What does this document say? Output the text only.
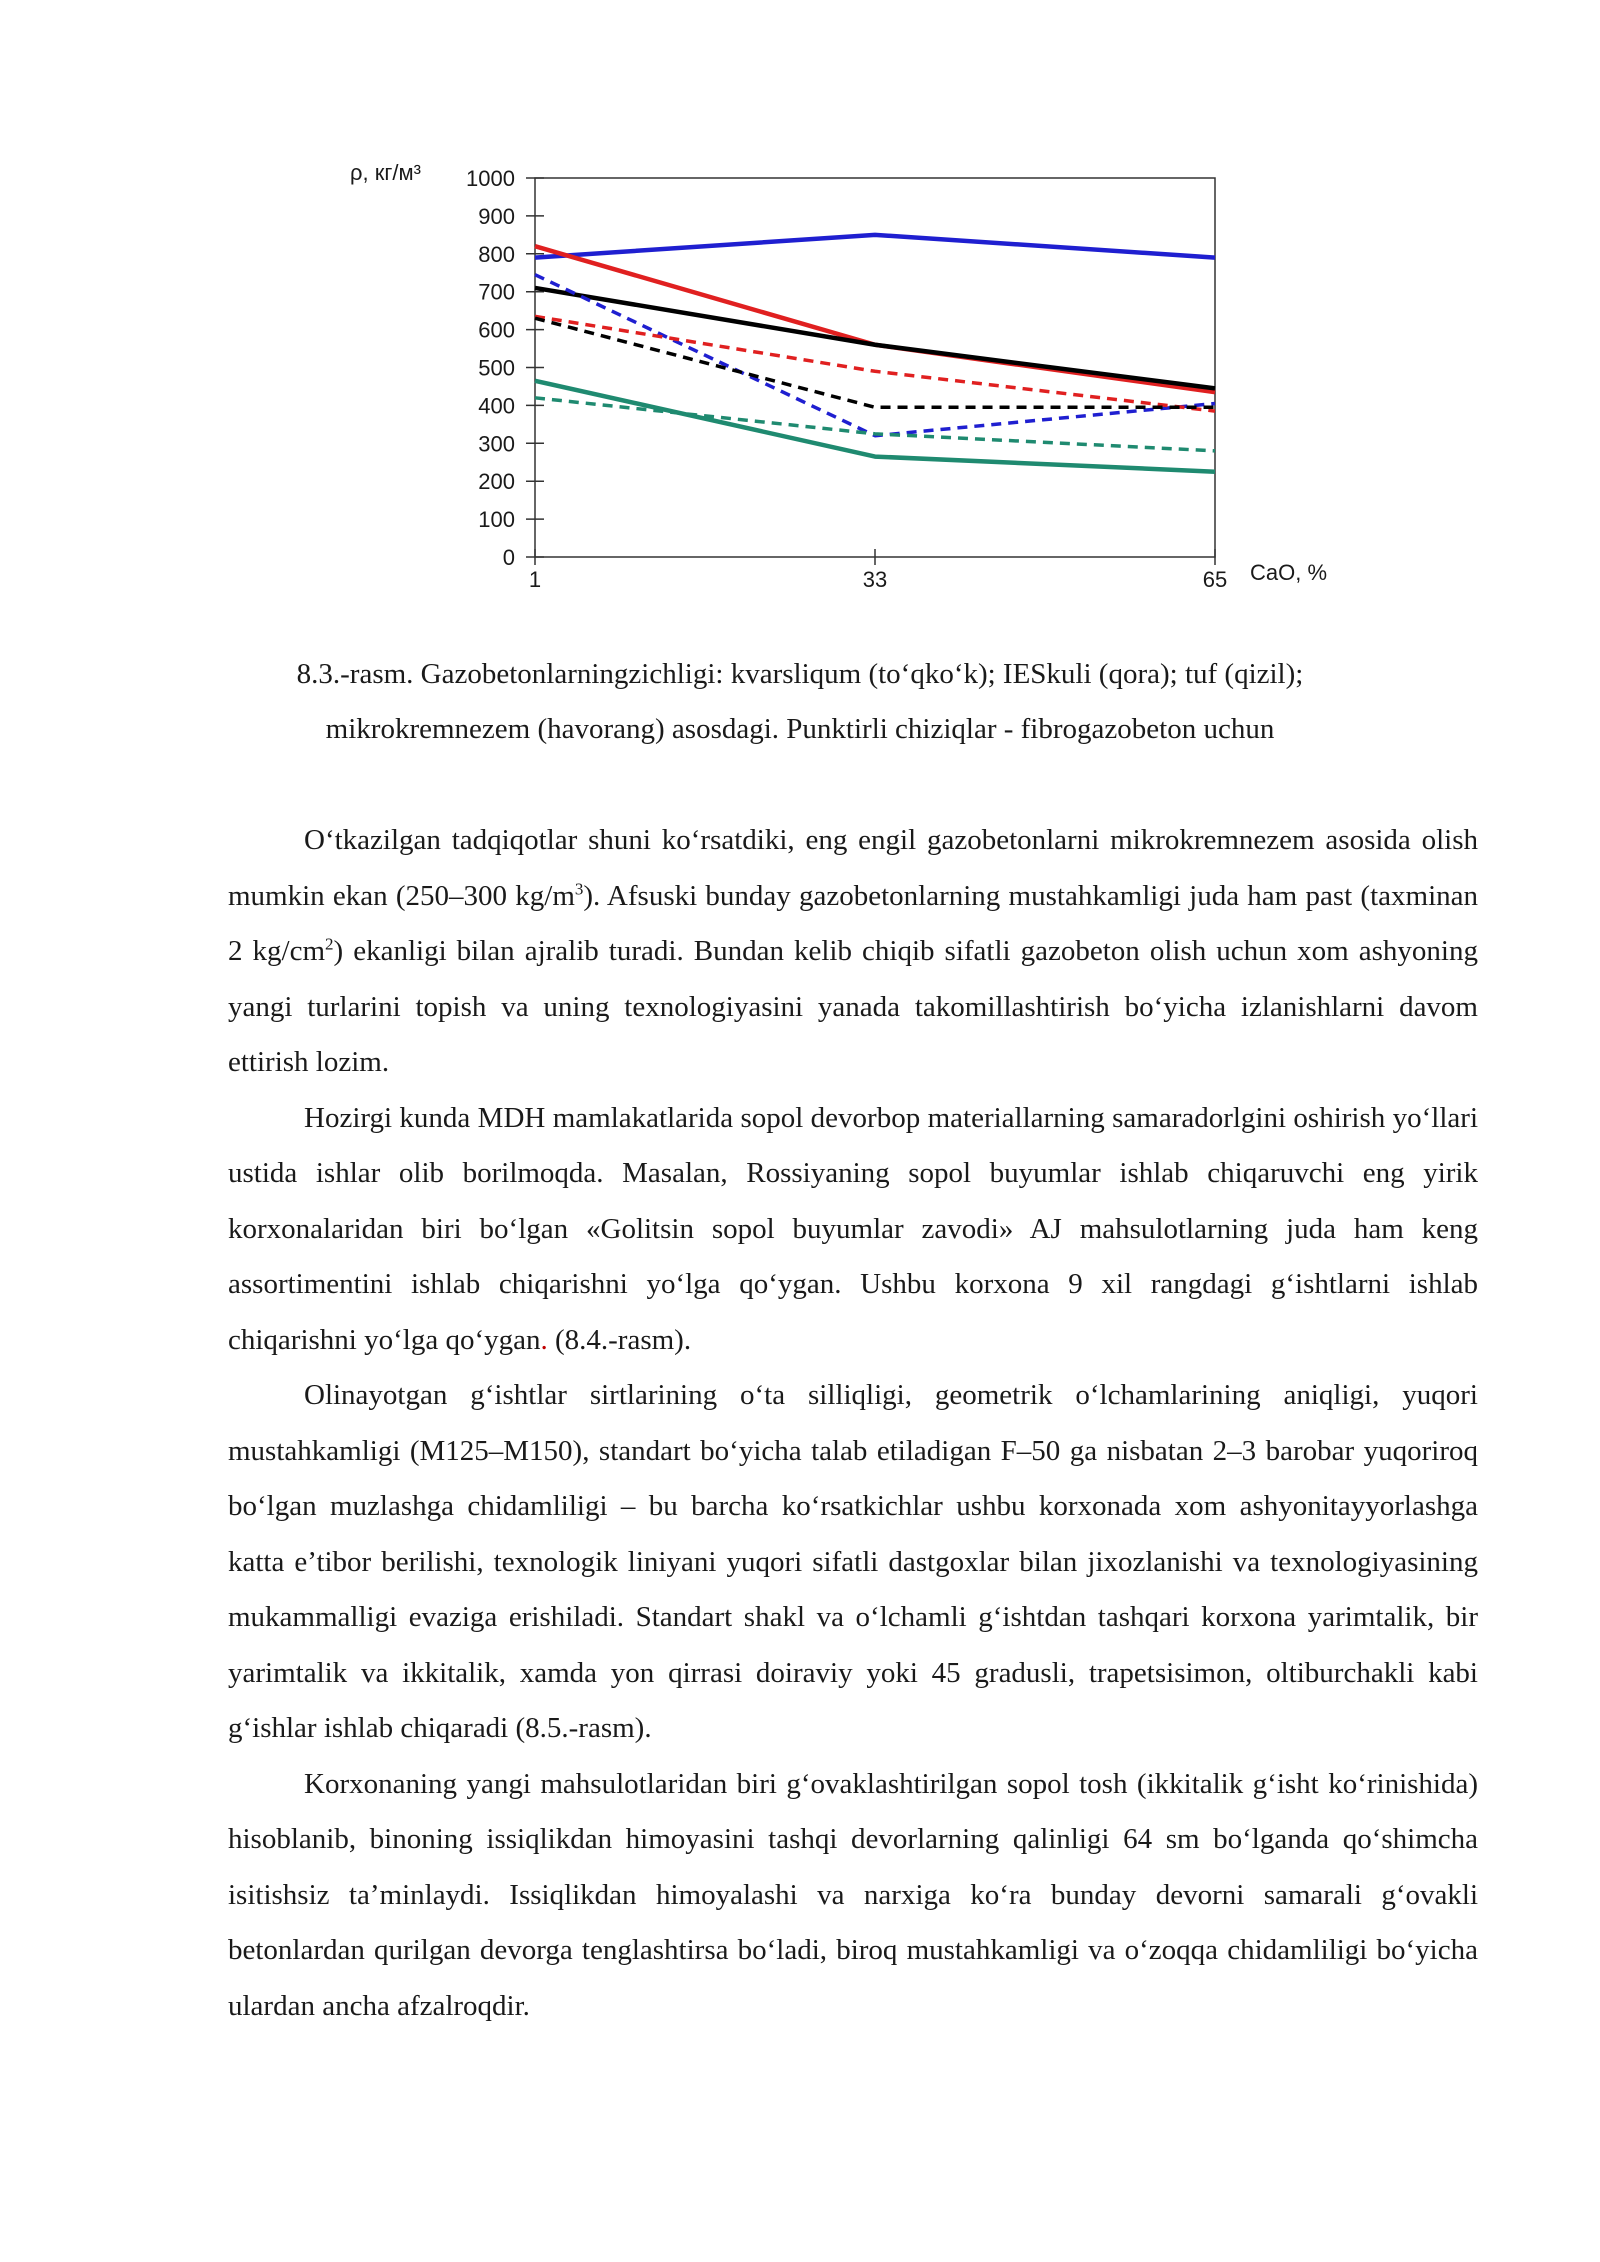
0
100
200
300
400
500
600
700
800
900
1000
1	33	65
ρ, кг/м³
CaO, %

8.3.-rasm. Gazobetonlarningzichligi: kvarsliqum (to‘qko‘k); IESkuli (qora); tuf (qizil);

mikrokremnezem (havorang) asosdagi. Punktirli chiziqlar - fibrogazobeton uchun

O‘tkazilgan tadqiqotlar shuni ko‘rsatdiki, eng engil gazobetonlarni mikrokremnezem asosida olish mumkin ekan (250–300 $kg/m^3$). Afsuski bunday gazobetonlarning mustahkamligi juda ham past (taxminan 2 $kg/cm^2$) ekanligi bilan ajralib turadi. Bundan kelib chiqib sifatli gazobeton olish uchun xom ashyoning yangi turlarini topish va uning texnologiyasini yanada takomillashtirish bo‘yicha izlanishlarni davom ettirish lozim.

Hozirgi kunda MDH mamlakatlarida sopol devorbop materiallarning samaradorlgini oshirish yo‘llari ustida ishlar olib borilmoqda. Masalan, Rossiyaning sopol buyumlar ishlab chiqaruvchi eng yirik korxonalaridan biri bo‘lgan «Golitsin sopol buyumlar zavodi» AJ mahsulotlarning juda ham keng assortimentini ishlab chiqarishni yo‘lga qo‘ygan. Ushbu korxona 9 xil rangdagi g‘ishtlarni ishlab chiqarishni yo‘lga qo‘ygan. (8.4.-rasm).

Olinayotgan g‘ishtlar sirtlarining o‘ta silliqligi, geometrik o‘lchamlarining aniqligi, yuqori mustahkamligi (M125–M150), standart bo‘yicha talab etiladigan F–50 ga nisbatan 2–3 barobar yuqoriroq bo‘lgan muzlashga chidamliligi – bu barcha ko‘rsatkichlar ushbu korxonada xom ashyonitayyorlashga katta e’tibor berilishi, texnologik liniyani yuqori sifatli dastgoxlar bilan jixozlanishi va texnologiyasining mukammalligi evaziga erishiladi. Standart shakl va o‘lchamli g‘ishtdan tashqari korxona yarimtalik, bir yarimtalik va ikkitalik, xamda yon qirrasi doiraviy yoki 45 gradusli, trapetsisimon, oltiburchakli kabi g‘ishlar ishlab chiqaradi (8.5.-rasm).

Korxonaning yangi mahsulotlaridan biri g‘ovaklashtirilgan sopol tosh (ikkitalik g‘isht ko‘rinishida) hisoblanib, binoning issiqlikdan himoyasini tashqi devorlarning qalinligi 64 sm bo‘lganda qo‘shimcha isitishsiz ta’minlaydi. Issiqlikdan himoyalashi va narxiga ko‘ra bunday devorni samarali g‘ovakli betonlardan qurilgan devorga tenglashtirsa bo‘ladi, biroq mustahkamligi va o‘zoqqa chidamliligi bo‘yicha ulardan ancha afzalroqdir.
